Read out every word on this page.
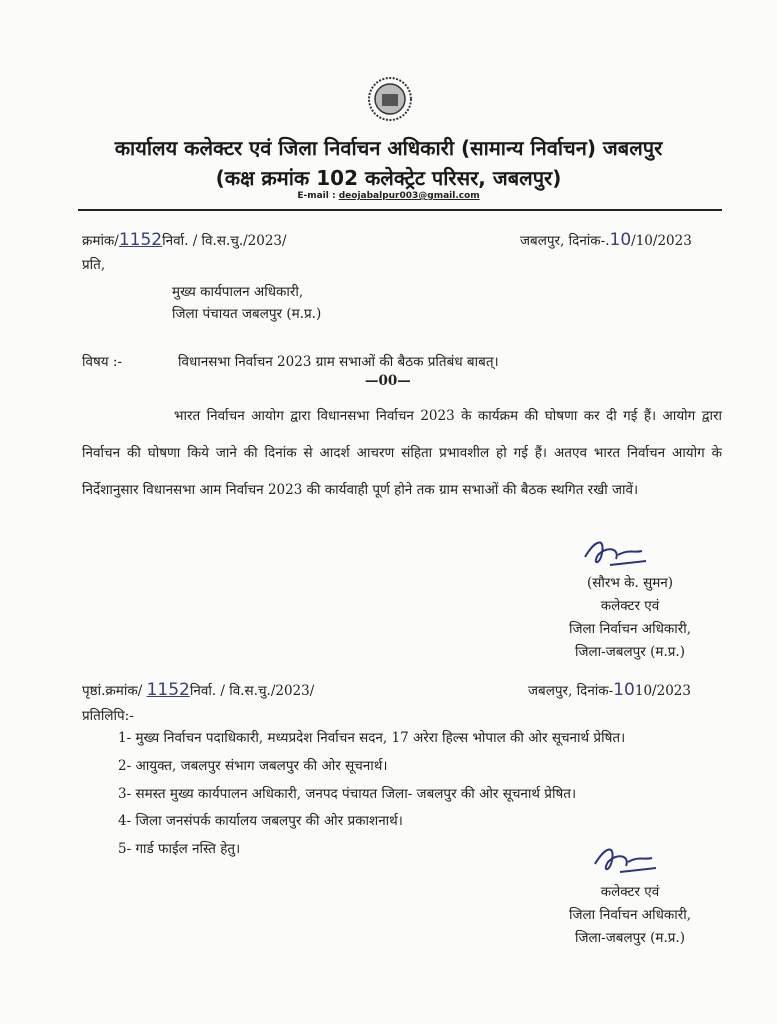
कार्यालय कलेक्टर एवं जिला निर्वाचन अधिकारी (सामान्य निर्वाचन) जबलपुर
(कक्ष क्रमांक 102 कलेक्ट्रेट परिसर, जबलपुर)
E-mail : deojabalpur003@gmail.com
क्रमांक/1152निर्वा. / वि.स.चु./2023/	जबलपुर, दिनांक-.10/10/2023
प्रति,
मुख्य कार्यपालन अधिकारी,
जिला पंचायत जबलपुर (म.प्र.)
विषय :-	विधानसभा निर्वाचन 2023 ग्राम सभाओं की बैठक प्रतिबंध बाबत्।
—00—
भारत निर्वाचन आयोग द्वारा विधानसभा निर्वाचन 2023 के कार्यक्रम की घोषणा कर दी गई हैं। आयोग द्वारा निर्वाचन की घोषणा किये जाने की दिनांक से आदर्श आचरण संहिता प्रभावशील हो गई हैं। अतएव भारत निर्वाचन आयोग के निर्देशानुसार विधानसभा आम निर्वाचन 2023 की कार्यवाही पूर्ण होने तक ग्राम सभाओं की बैठक स्थगित रखी जावें।
(सौरभ के. सुमन)
कलेक्टर एवं
जिला निर्वाचन अधिकारी,
जिला-जबलपुर (म.प्र.)
पृष्ठां.क्रमांक/ 1152निर्वा. / वि.स.चु./2023/	जबलपुर, दिनांक-1010/2023
प्रतिलिपि:-
1- मुख्य निर्वाचन पदाधिकारी, मध्यप्रदेश निर्वाचन सदन, 17 अरेरा हिल्स भोपाल की ओर सूचनार्थ प्रेषित।
2- आयुक्त, जबलपुर संभाग जबलपुर की ओर सूचनार्थ।
3- समस्त मुख्य कार्यपालन अधिकारी, जनपद पंचायत जिला- जबलपुर की ओर सूचनार्थ प्रेषित।
4- जिला जनसंपर्क कार्यालय जबलपुर की ओर प्रकाशनार्थ।
5- गार्ड फाईल नस्ति हेतु।
कलेक्टर एवं
जिला निर्वाचन अधिकारी,
जिला-जबलपुर (म.प्र.)
